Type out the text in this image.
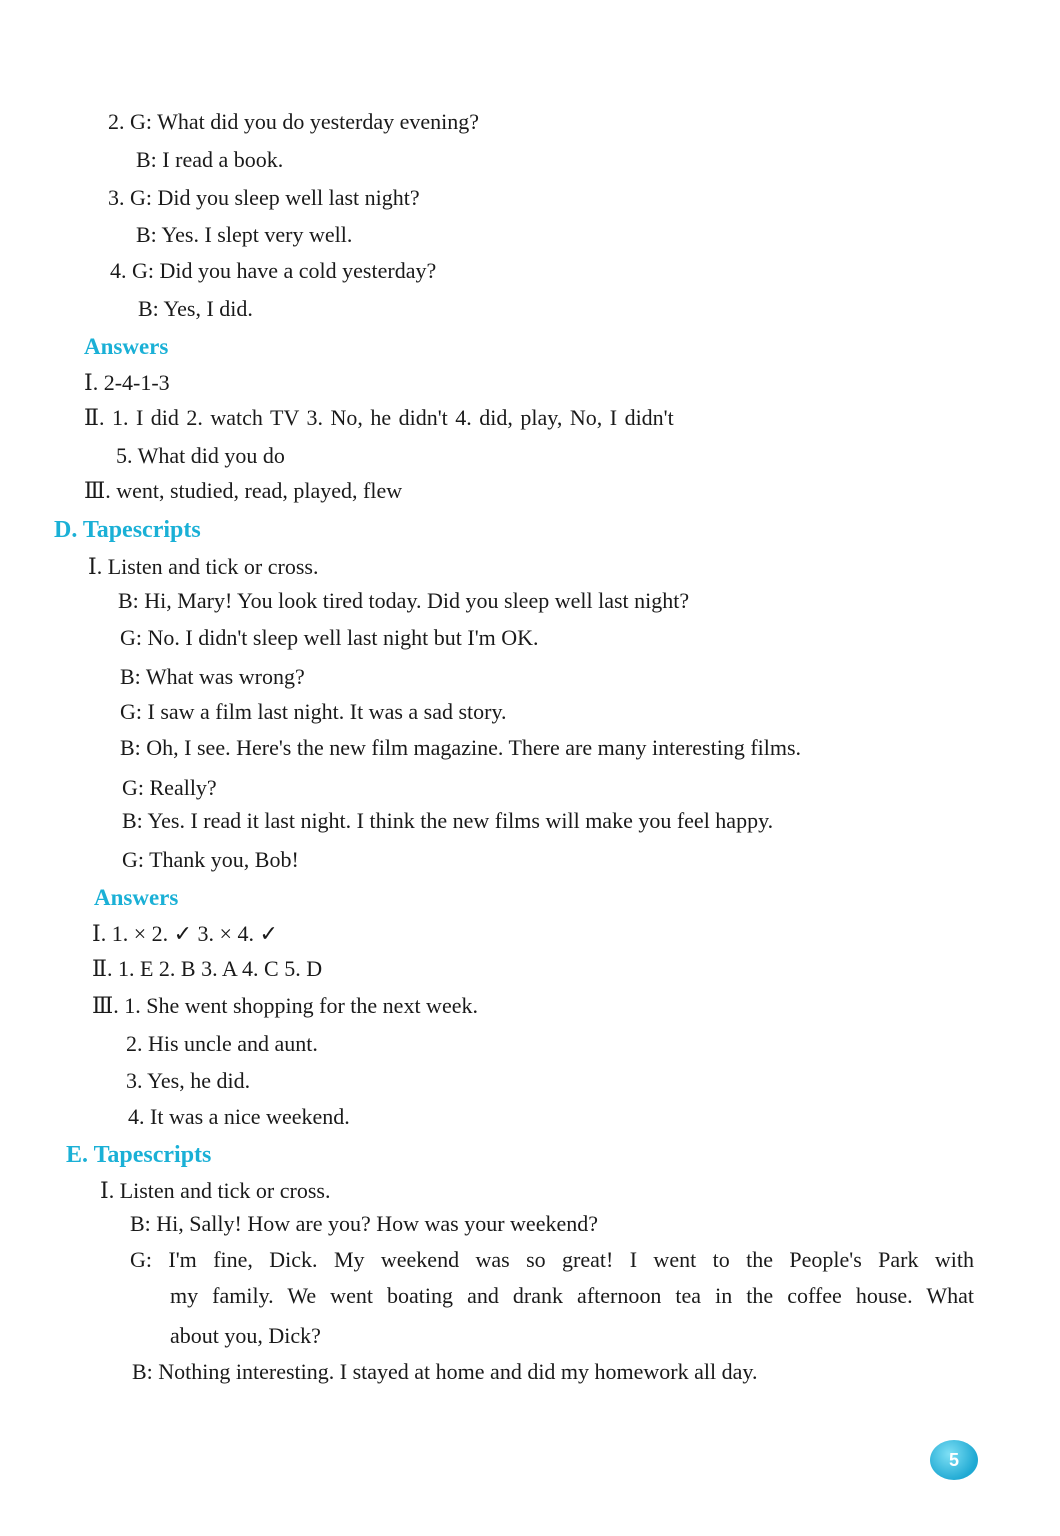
2. G: What did you do yesterday evening?
B: I read a book.
3. G: Did you sleep well last night?
B: Yes. I slept very well.
4. G: Did you have a cold yesterday?
B: Yes, I did.
Answers
Ⅰ. 2-4-1-3
Ⅱ. 1. I did 2. watch TV 3. No, he didn't 4. did, play, No, I didn't
5. What did you do
Ⅲ. went, studied, read, played, flew
D. Tapescripts
Ⅰ. Listen and tick or cross.
B: Hi, Mary! You look tired today. Did you sleep well last night?
G: No. I didn't sleep well last night but I'm OK.
B: What was wrong?
G: I saw a film last night. It was a sad story.
B: Oh, I see. Here's the new film magazine. There are many interesting films.
G: Really?
B: Yes. I read it last night. I think the new films will make you feel happy.
G: Thank you, Bob!
Answers
Ⅰ. 1. × 2. ✓ 3. × 4. ✓
Ⅱ. 1. E 2. B 3. A 4. C 5. D
Ⅲ. 1. She went shopping for the next week.
2. His uncle and aunt.
3. Yes, he did.
4. It was a nice weekend.
E. Tapescripts
Ⅰ. Listen and tick or cross.
B: Hi, Sally! How are you? How was your weekend?
G: I'm fine, Dick. My weekend was so great! I went to the People's Park with
my family. We went boating and drank afternoon tea in the coffee house. What
about you, Dick?
B: Nothing interesting. I stayed at home and did my homework all day.
5
